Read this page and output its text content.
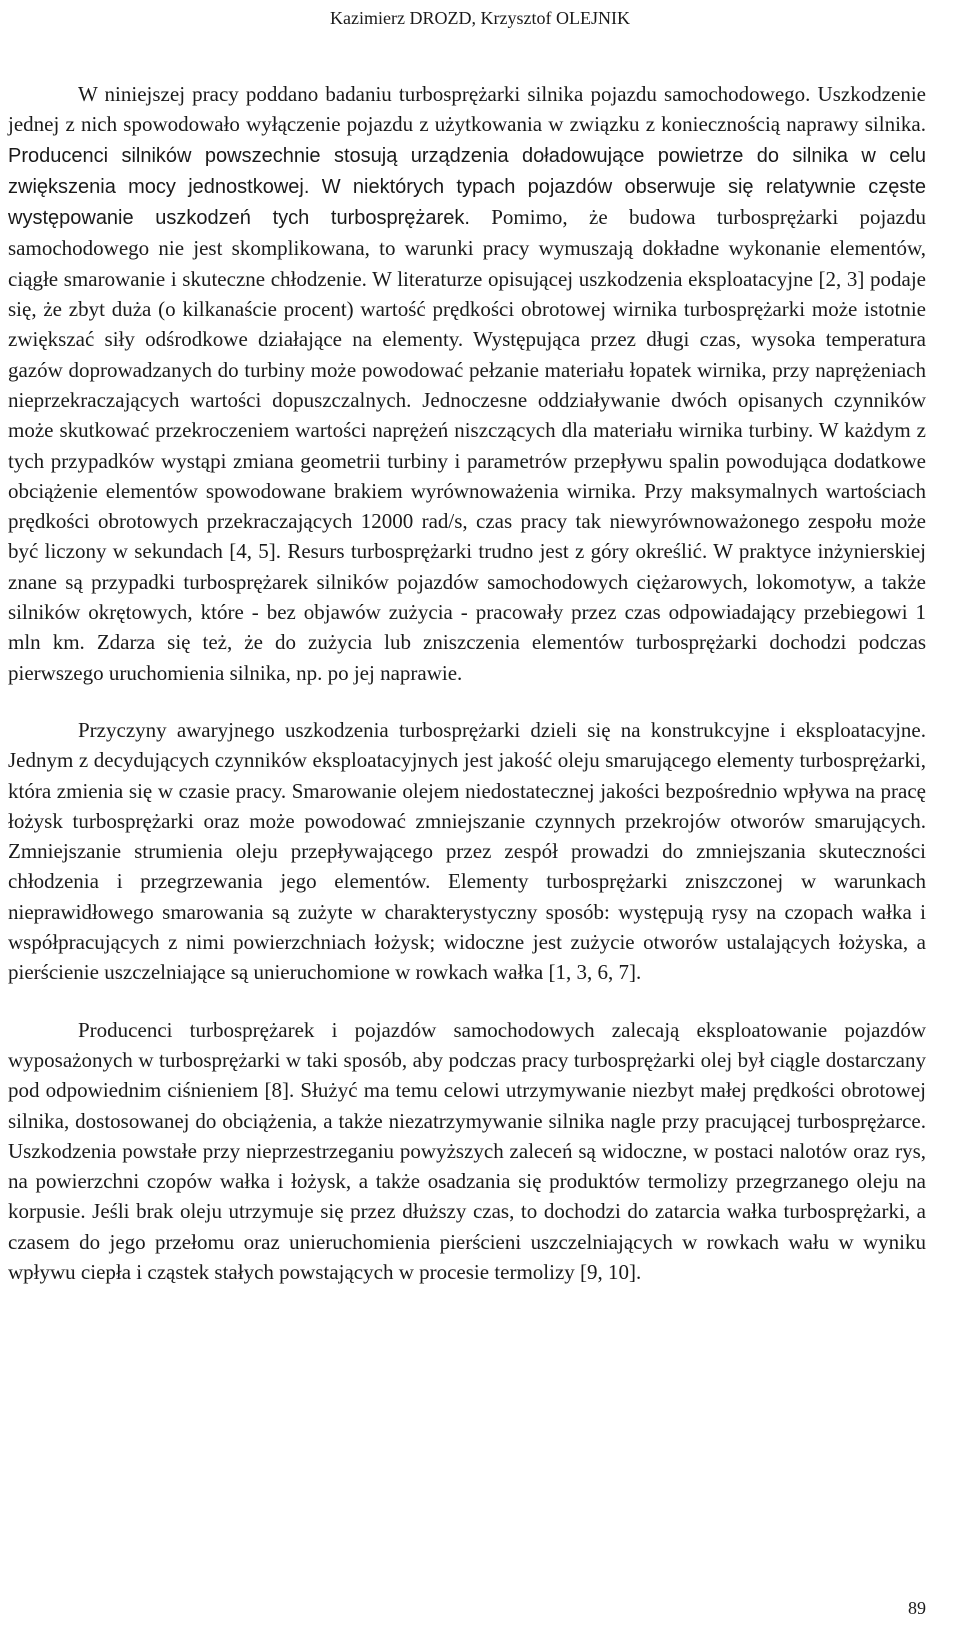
Kazimierz DROZD, Krzysztof OLEJNIK

W niniejszej pracy poddano badaniu turbosprężarki silnika pojazdu samochodowego. Uszkodzenie jednej z nich spowodowało wyłączenie pojazdu z użytkowania w związku z koniecznością naprawy silnika. Producenci silników powszechnie stosują urządzenia doładowujące powietrze do silnika w celu zwiększenia mocy jednostkowej. W niektórych typach pojazdów obserwuje się relatywnie częste występowanie uszkodzeń tych turbosprężarek. Pomimo, że budowa turbosprężarki pojazdu samochodowego nie jest skomplikowana, to warunki pracy wymuszają dokładne wykonanie elementów, ciągłe smarowanie i skuteczne chłodzenie. W literaturze opisującej uszkodzenia eksploatacyjne [2, 3] podaje się, że zbyt duża (o kilkanaście procent) wartość prędkości obrotowej wirnika turbosprężarki może istotnie zwiększać siły odśrodkowe działające na elementy. Występująca przez długi czas, wysoka temperatura gazów doprowadzanych do turbiny może powodować pełzanie materiału łopatek wirnika, przy naprężeniach nieprzekraczających wartości dopuszczalnych. Jednoczesne oddziaływanie dwóch opisanych czynników może skutkować przekroczeniem wartości naprężeń niszczących dla materiału wirnika turbiny. W każdym z tych przypadków wystąpi zmiana geometrii turbiny i parametrów przepływu spalin powodująca dodatkowe obciążenie elementów spowodowane brakiem wyrównoważenia wirnika. Przy maksymalnych wartościach prędkości obrotowych przekraczających 12000 rad/s, czas pracy tak niewyrównoważonego zespołu może być liczony w sekundach [4, 5]. Resurs turbosprężarki trudno jest z góry określić. W praktyce inżynierskiej znane są przypadki turbosprężarek silników pojazdów samochodowych ciężarowych, lokomotyw, a także silników okrętowych, które - bez objawów zużycia - pracowały przez czas odpowiadający przebiegowi 1 mln km. Zdarza się też, że do zużycia lub zniszczenia elementów turbosprężarki dochodzi podczas pierwszego uruchomienia silnika, np. po jej naprawie.

Przyczyny awaryjnego uszkodzenia turbosprężarki dzieli się na konstrukcyjne i eksploatacyjne. Jednym z decydujących czynników eksploatacyjnych jest jakość oleju smarującego elementy turbosprężarki, która zmienia się w czasie pracy. Smarowanie olejem niedostatecznej jakości bezpośrednio wpływa na pracę łożysk turbosprężarki oraz może powodować zmniejszanie czynnych przekrojów otworów smarujących. Zmniejszanie strumienia oleju przepływającego przez zespół prowadzi do zmniejszania skuteczności chłodzenia i przegrzewania jego elementów. Elementy turbosprężarki zniszczonej w warunkach nieprawidłowego smarowania są zużyte w charakterystyczny sposób: występują rysy na czopach wałka i współpracujących z nimi powierzchniach łożysk; widoczne jest zużycie otworów ustalających łożyska, a pierścienie uszczelniające są unieruchomione w rowkach wałka [1, 3, 6, 7].

Producenci turbosprężarek i pojazdów samochodowych zalecają eksploatowanie pojazdów wyposażonych w turbosprężarki w taki sposób, aby podczas pracy turbosprężarki olej był ciągle dostarczany pod odpowiednim ciśnieniem [8]. Służyć ma temu celowi utrzymywanie niezbyt małej prędkości obrotowej silnika, dostosowanej do obciążenia, a także niezatrzymywanie silnika nagle przy pracującej turbosprężarce. Uszkodzenia powstałe przy nieprzestrzeganiu powyższych zaleceń są widoczne, w postaci nalotów oraz rys, na powierzchni czopów wałka i łożysk, a także osadzania się produktów termolizy przegrzanego oleju na korpusie. Jeśli brak oleju utrzymuje się przez dłuższy czas, to dochodzi do zatarcia wałka turbosprężarki, a czasem do jego przełomu oraz unieruchomienia pierścieni uszczelniających w rowkach wału w wyniku wpływu ciepła i cząstek stałych powstających w procesie termolizy [9, 10].

89
